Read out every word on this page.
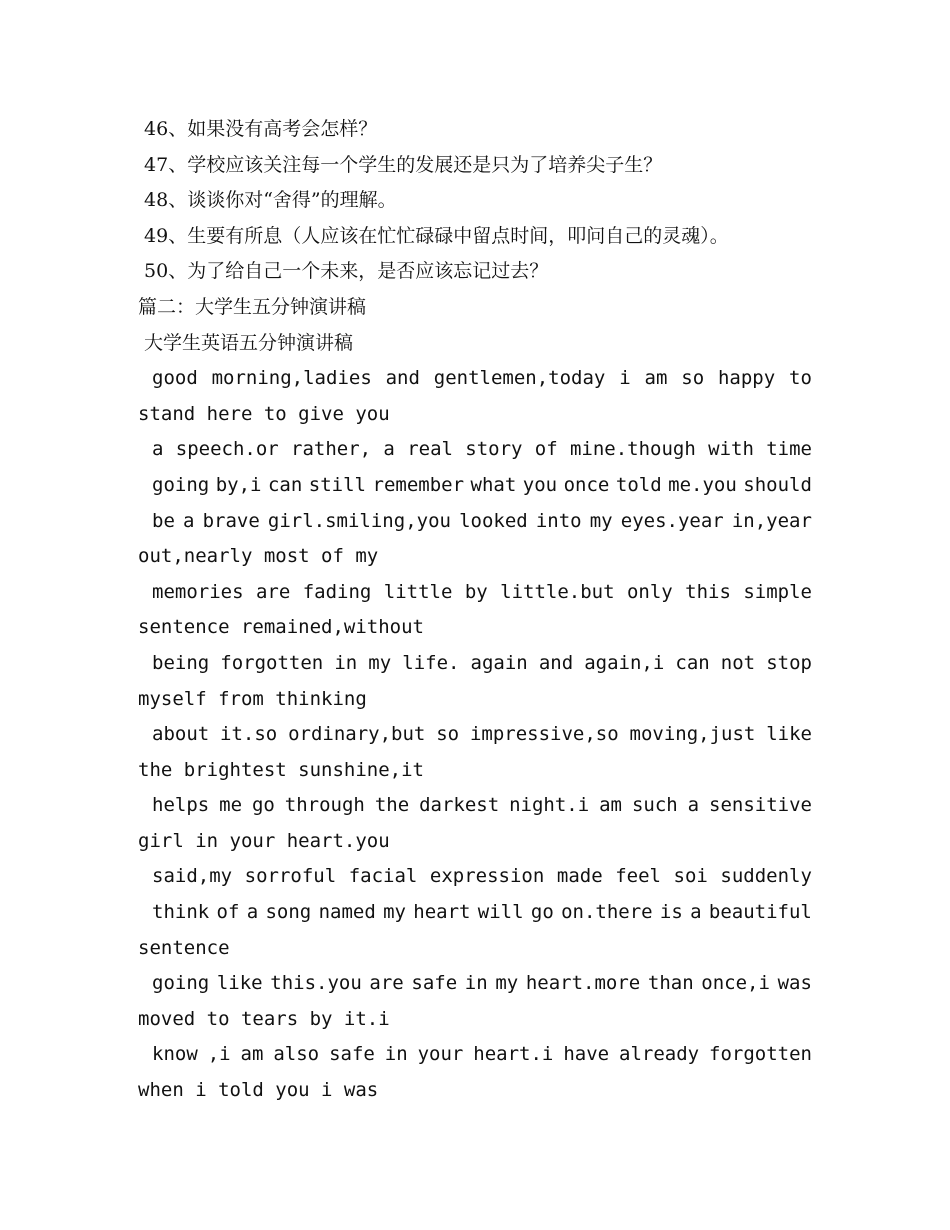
46、如果没有高考会怎样？
47、学校应该关注每一个学生的发展还是只为了培养尖子生？
48、谈谈你对“舍得”的理解。
49、生要有所息（人应该在忙忙碌碌中留点时间，叩问自己的灵魂）。
50、为了给自己一个未来，是否应该忘记过去？
篇二：大学生五分钟演讲稿
大学生英语五分钟演讲稿
good morning,ladies and gentlemen,today i am so happy to
stand here to give you
a speech.or rather, a real story of mine.though with time
going by,i can still remember what you once told me.you should
be a brave girl.smiling,you looked into my eyes.year in,year
out,nearly most of my
memories are fading little by little.but only this simple
sentence remained,without
being forgotten in my life. again and again,i can not stop
myself from thinking
about it.so ordinary,but so impressive,so moving,just like
the brightest sunshine,it
helps me go through the darkest night.i am such a sensitive
girl in your heart.you
said,my sorroful facial expression made feel soi suddenly
think of a song named my heart will go on.there is a beautiful
sentence
going like this.you are safe in my heart.more than once,i was
moved to tears by it.i
know ,i am also safe in your heart.i have already forgotten
when i told you i was
